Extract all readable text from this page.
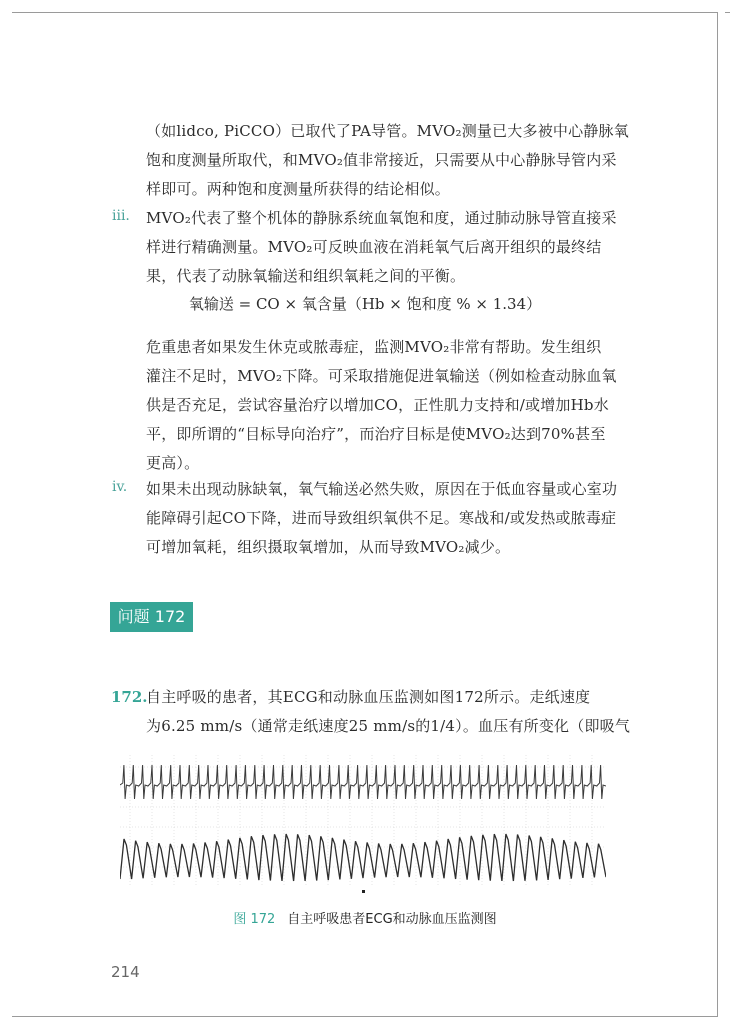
（如lidco, PiCCO）已取代了PA导管。MVO₂测量已大多被中心静脉氧
饱和度测量所取代，和MVO₂值非常接近，只需要从中心静脉导管内采
样即可。两种饱和度测量所获得的结论相似。
iii. MVO₂代表了整个机体的静脉系统血氧饱和度，通过肺动脉导管直接采
样进行精确测量。MVO₂可反映血液在消耗氧气后离开组织的最终结
果，代表了动脉氧输送和组织氧耗之间的平衡。
氧输送 = CO × 氧含量（Hb × 饱和度 % × 1.34）
危重患者如果发生休克或脓毒症，监测MVO₂非常有帮助。发生组织
灌注不足时，MVO₂下降。可采取措施促进氧输送（例如检查动脉血氧
供是否充足，尝试容量治疗以增加CO，正性肌力支持和/或增加Hb水
平，即所谓的“目标导向治疗”，而治疗目标是使MVO₂达到70%甚至
更高）。
iv. 如果未出现动脉缺氧，氧气输送必然失败，原因在于低血容量或心室功
能障碍引起CO下降，进而导致组织氧供不足。寒战和/或发热或脓毒症
可增加氧耗，组织摄取氧增加，从而导致MVO₂减少。
问题 172
172.
自主呼吸的患者，其ECG和动脉血压监测如图172所示。走纸速度
为6.25 mm/s（通常走纸速度25 mm/s的1/4）。血压有所变化（即吸气
图 172 自主呼吸患者ECG和动脉血压监测图
214
